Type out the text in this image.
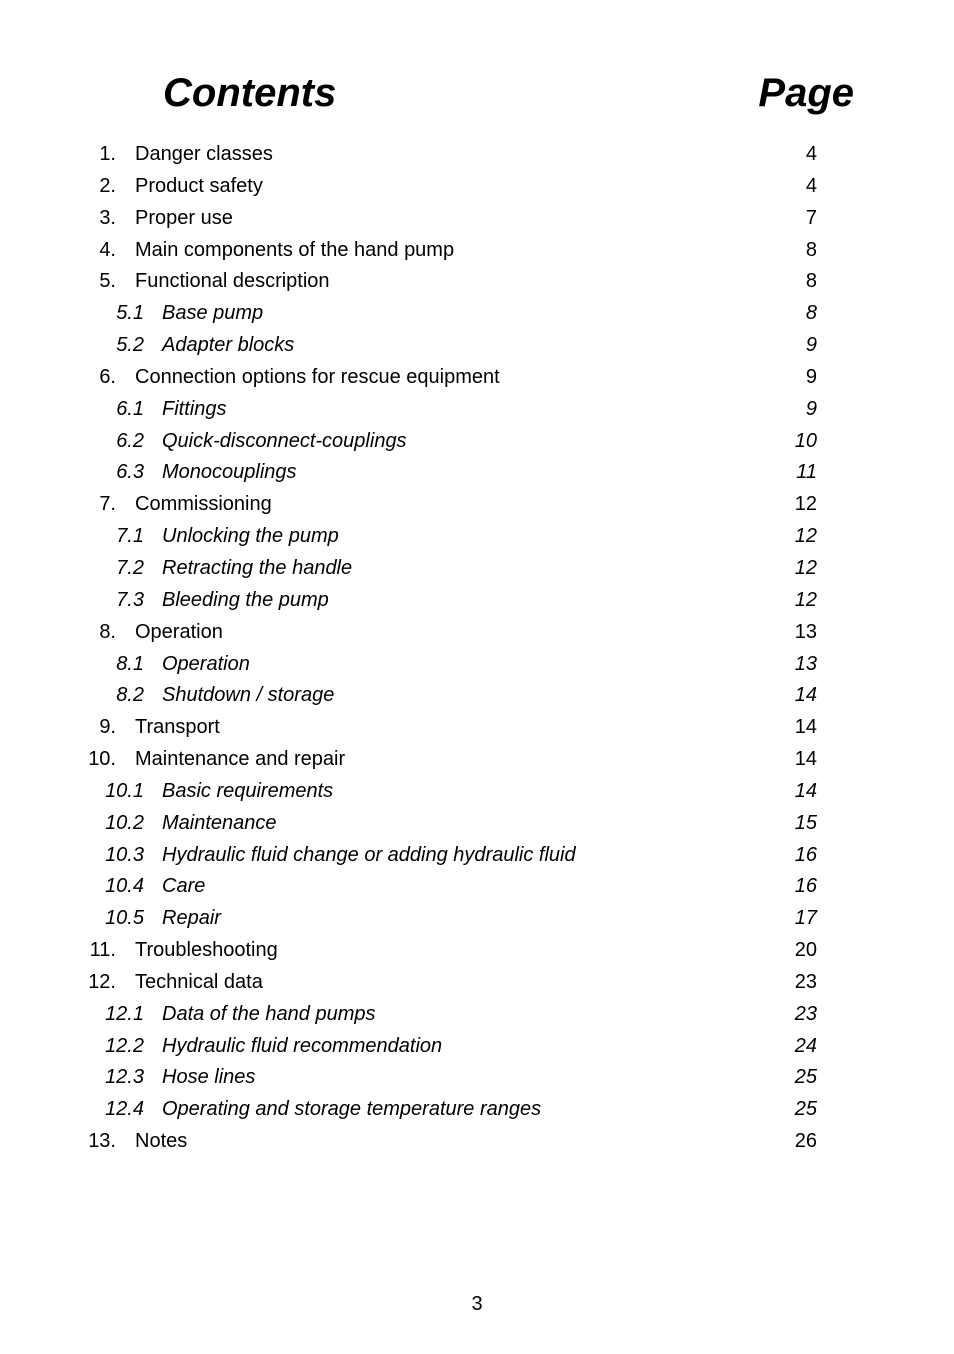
Contents	Page
1. Danger classes	4
2. Product safety	4
3. Proper use	7
4. Main components of the hand pump	8
5. Functional description	8
5.1 Base pump	8
5.2 Adapter blocks	9
6. Connection options for rescue equipment	9
6.1 Fittings	9
6.2 Quick-disconnect-couplings	10
6.3 Monocouplings	11
7. Commissioning	12
7.1 Unlocking the pump	12
7.2 Retracting the handle	12
7.3 Bleeding the pump	12
8. Operation	13
8.1 Operation	13
8.2 Shutdown / storage	14
9. Transport	14
10. Maintenance and repair	14
10.1 Basic requirements	14
10.2 Maintenance	15
10.3 Hydraulic fluid change or adding hydraulic fluid	16
10.4 Care	16
10.5 Repair	17
11. Troubleshooting	20
12. Technical data	23
12.1 Data of the hand pumps	23
12.2 Hydraulic fluid recommendation	24
12.3 Hose lines	25
12.4 Operating and storage temperature ranges	25
13. Notes	26
3
